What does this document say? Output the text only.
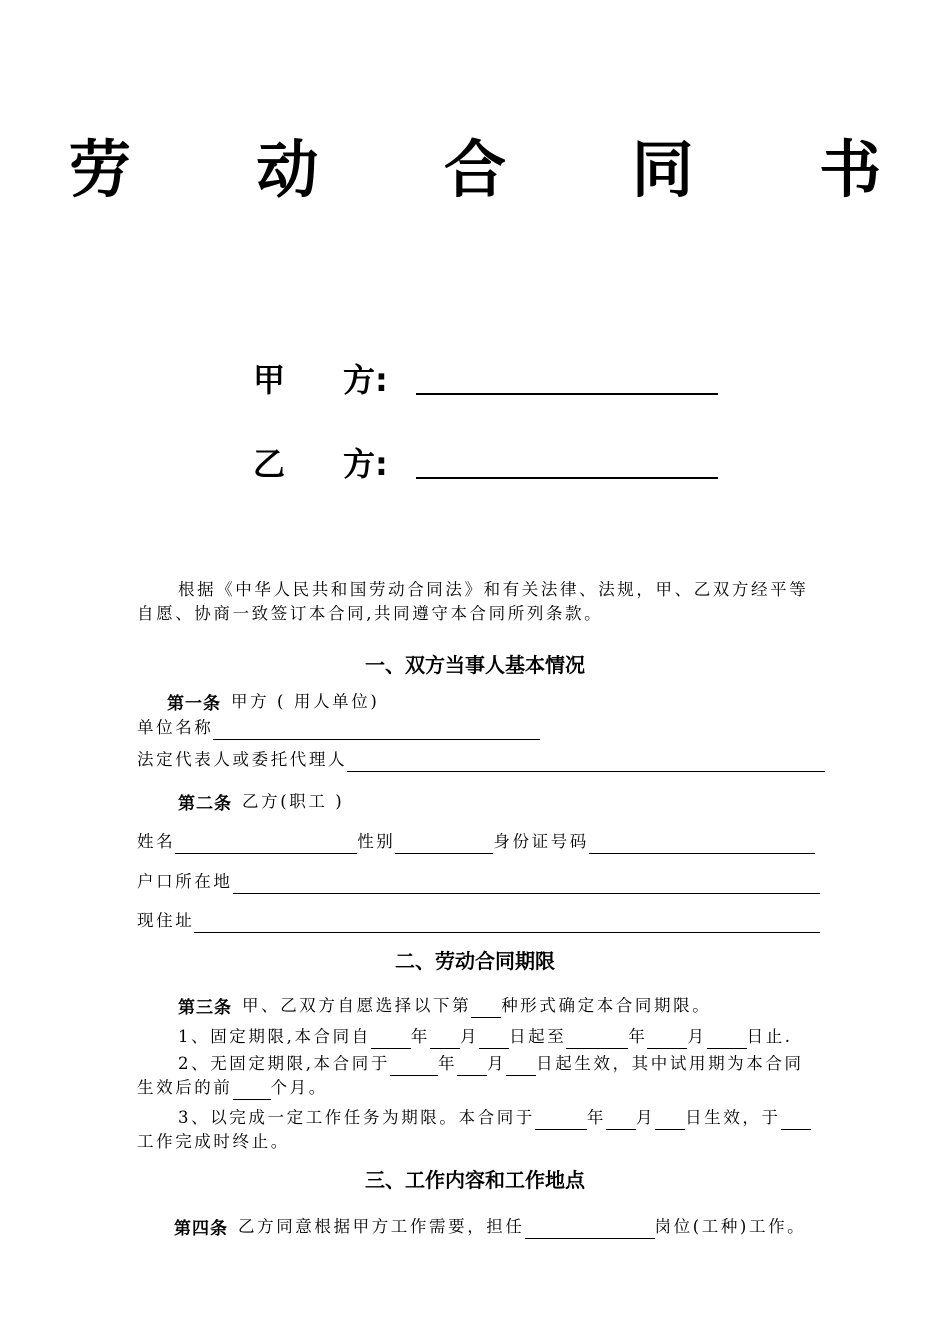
劳 动 合 同 书
甲 方:
乙 方:
根据《中华人民共和国劳动合同法》和有关法律、法规，甲、乙双方经平等
自愿、协商一致签订本合同,共同遵守本合同所列条款。
一、双方当事人基本情况
第一条 甲方 ( 用人单位)
单位名称
法定代表人或委托代理人
第二条 乙方(职工 )
姓名	性别	身份证号码
户口所在地
现住址
二、劳动合同期限
第三条 甲、乙双方自愿选择以下第 种形式确定本合同期限。
1、固定期限,本合同自 年 月 日起至	年 月 日止.
2、无固定期限,本合同于	年 月 日起生效，其中试用期为本合同
生效后的前 个月。
3、以完成一定工作任务为期限。本合同于	年 月 日生效，于
工作完成时终止。
三、工作内容和工作地点
第四条 乙方同意根据甲方工作需要，担任	岗位(工种)工作。
